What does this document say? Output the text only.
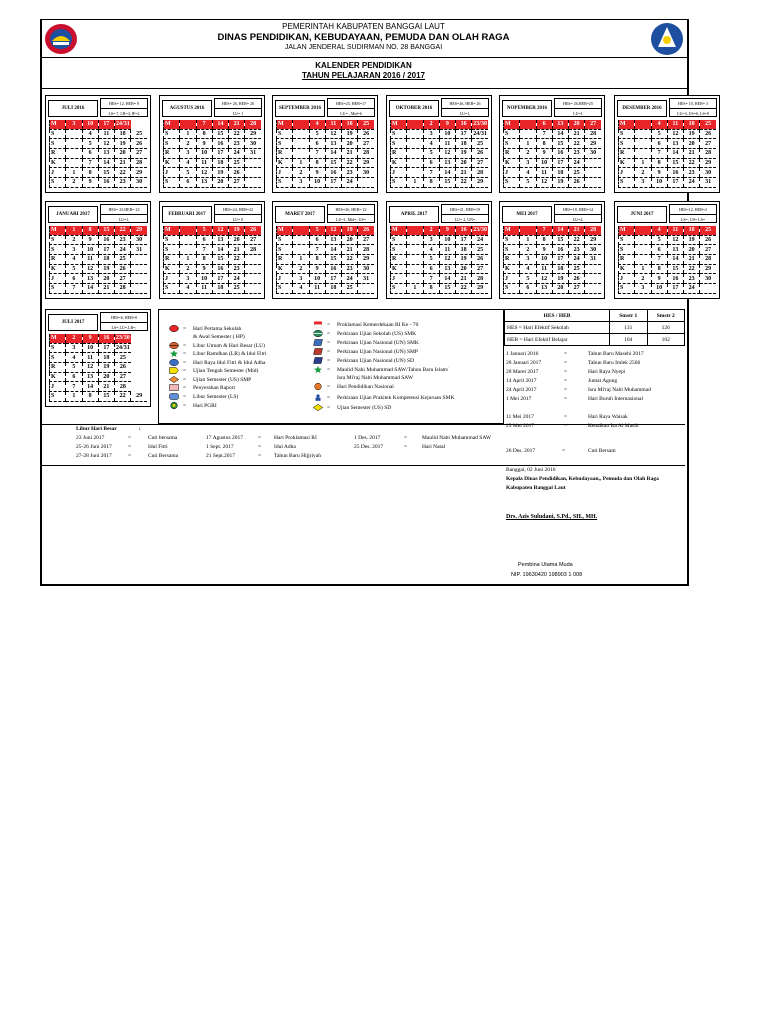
PEMERINTAH KABUPATEN BANGGAI LAUT
DINAS PENDIDIKAN, KEBUDAYAAN, PEMUDA DAN OLAH RAGA
JALAN JENDERAL SUDIRMAN NO. 28 BANGGAI
KALENDER PENDIDIKAN
TAHUN PELAJARAN 2016 / 2017
JULI 2016
HES= 12, HEB= 9
LS= 7, LR=4, IF=2
M	3	10	17	24/31	
S		4	11	18	25
S		5	12	19	26
R		6	13	20	27
K		7	14	21	28
J	1	8	15	22	29
S	2	9	16	23	30
AGUSTUS 2016
HES= 26, HEB= 20
LU= 1
M		7	14	21	28
S	1	8	15	22	29
S	2	9	16	23	30
R	3	10	17	24	31
K	4	11	18	25	
J	5	12	19	26	
S	6	13	20	27	
SEPTEMBER 2016
HES=23, HEB=17
LU= , Mid=6
M		4	11	18	25
S		5	12	19	26
S		6	13	20	27
R		7	14	21	28
K	1	8	15	22	29
J	2	9	16	23	30
S	3	10	17	24	
OKTOBER 2016
HES=26, HEB= 26
LU=1,
M		2	9	16	23/30
S		3	10	17	24/31
S		4	11	18	25
R		5	12	19	26
K		6	13	20	27
J		7	14	21	28
S	1	8	15	22	29
NOPEMBER 2016
HES= 26,HEB=25
LU=1
M		6	13	20	27
S		7	14	21	28
S	1	8	15	22	29
R	2	9	16	23	30
K	3	10	17	24	
J	4	11	18	25	
S	5	12	19	26	
DESEMBER 2016
HES= 10, HEB= 3
LU=3, US=6, LS=9
M		4	11	18	25
S		5	12	19	26
S		6	13	20	27
R		7	14	21	28
K	1	8	15	22	29
J	2	9	16	23	30
S	3	10	17	24	31
JANUARI 2017
HES= 23,HEB= 23
LU=1,
M	1	8	15	22	29
S	2	9	16	23	30
S	3	10	17	24	31
R	4	11	18	25	
K	5	12	19	26	
J	6	13	20	27	
S	7	14	21	28	
FEBRUARI 2017
HES=24, HEB=22
LU= 0
M		5	12	19	26
S		6	13	20	27
S		7	14	21	28
R	1	8	15	22	
K	2	9	16	23	
J	3	10	17	24	
S	4	11	18	25	
MARET 2017
HES=26, HEB= 22
LU=1, Mid=, US=
M		5	12	19	26
S		6	13	20	27
S		7	14	21	28
R	1	8	15	22	29
K	2	9	16	23	30
J	3	10	17	24	31
S	4	11	18	25	
APRIL 2017
HES=21, HEB=19
LU= 2, UN=
M		2	9	16	23/30
S		3	10	17	24
S		4	11	18	25
R		5	12	19	26
K		6	13	20	27
J		7	14	21	28
S	1	8	15	22	29
MEI 2017
HES=18, HEB=14
LU=4,
M		7	14	21	28
S	1	8	15	22	29
S	2	9	16	23	30
R	3	10	17	24	31
K	4	11	18	25	
J	5	12	19	26	
S	6	13	20	27	
JUNI 2017
HES=12, HEB=2
LS=, US= LS=
M		4	11	18	25
S		5	12	19	26
S		6	13	20	27
R		7	14	21	28
K	1	8	15	22	29
J	2	9	16	23	30
S	3	10	17	24	
JULI 2017
HES=6, HEB=0
LS=,LU=,LR=,
M	2	9	16	23/30	
S	3	10	17	24/31	
S	4	11	18	25	
R	5	12	19	26	
K	6	13	20	27	
J	7	14	21	28	
S	1	8	15	22	29
=	Hari Pertama Sekolah
& Awal Semester ( HP)
=	Libur Umum & Hari Besar (LU)
=	Libur Ramdhan (LR) & Idul Fitri
=	Hari Raya Idul Fitri & Idul Adha
=	Ujian Tengah Semester (Mid)
=	Ujian Semester (US) SMP
=	Penyerahan Raport
=	Libur Semester (LS)
=	Hari PGRI
=	Proklamasi Kemerdekaan RI Ke - 70
=	Perkiraan Ujian Sekolah (US) SMK
=	Perkiraan Ujian Nasional (UN) SMK
=	Perkiraan Ujian Nasional (UN) SMP
=	Perkiraan Ujian Nasional (UN) SD
=	Maulid Nabi Muhammad SAW/Tahun Baru Islam/
Isra Mi'raj Nabi Muhammad SAW
=	Hari Pendidikan Nasional
=	Perkiraan Ujian Prakitek Kompetensi Kejuruan SMK
=	Ujian Semester (US) SD
HES / HEB	Smstr 1	Smstr 2
HES = Hari Efektif Sekolah	131	126
HEB = Hari Efektif Belajar	104	102
1 Januari 2016	=	Tahun Baru Masehi 2017
28 Januari 2017	=	Tahun Baru Imlek 2566
28 Maret 2017	=	Hari Raya Nyepi
14 April 2017	=	Jumat Agung
24 April 2017	=	Isra Mi'raj Nabi Muhammad
1 Mei 2017	=	Hari Buruh Internasional
11 Mei 2017	=	Hari Raya Waisak
25 Mei 2017	=	Kenaikan Isa Al Masih
Libur Hari Besar	:
23 Juni 2017	=	Cuti bersama	17 Agustus 2017	=	Hari Proklamasi RI	1 Des. 2017	=	Maulid Nabi Muhammad SAW
25-26 Juni 2017	=	Idul Fitri	1 Sept. 2017	=	Idul Adha	25 Des. 2017	=	Hari Natal
27-28 Juni 2017	=	Cuti Bersama	21 Sept.2017	=	Tahun Baru Hijjriyah
26 Des. 2017	=	Cuti Bersam
Banggai, 02 Juni 2016
Kepala Dinas Pendidikan, Kebudayaan,, Pemuda dan Olah Raga
Kabupaten Banggai Laut
Drs. Azis Suludani, S.Pd., SH., MH.
Pembina Utama Muda
NIP. 19630420 198903 1 008
